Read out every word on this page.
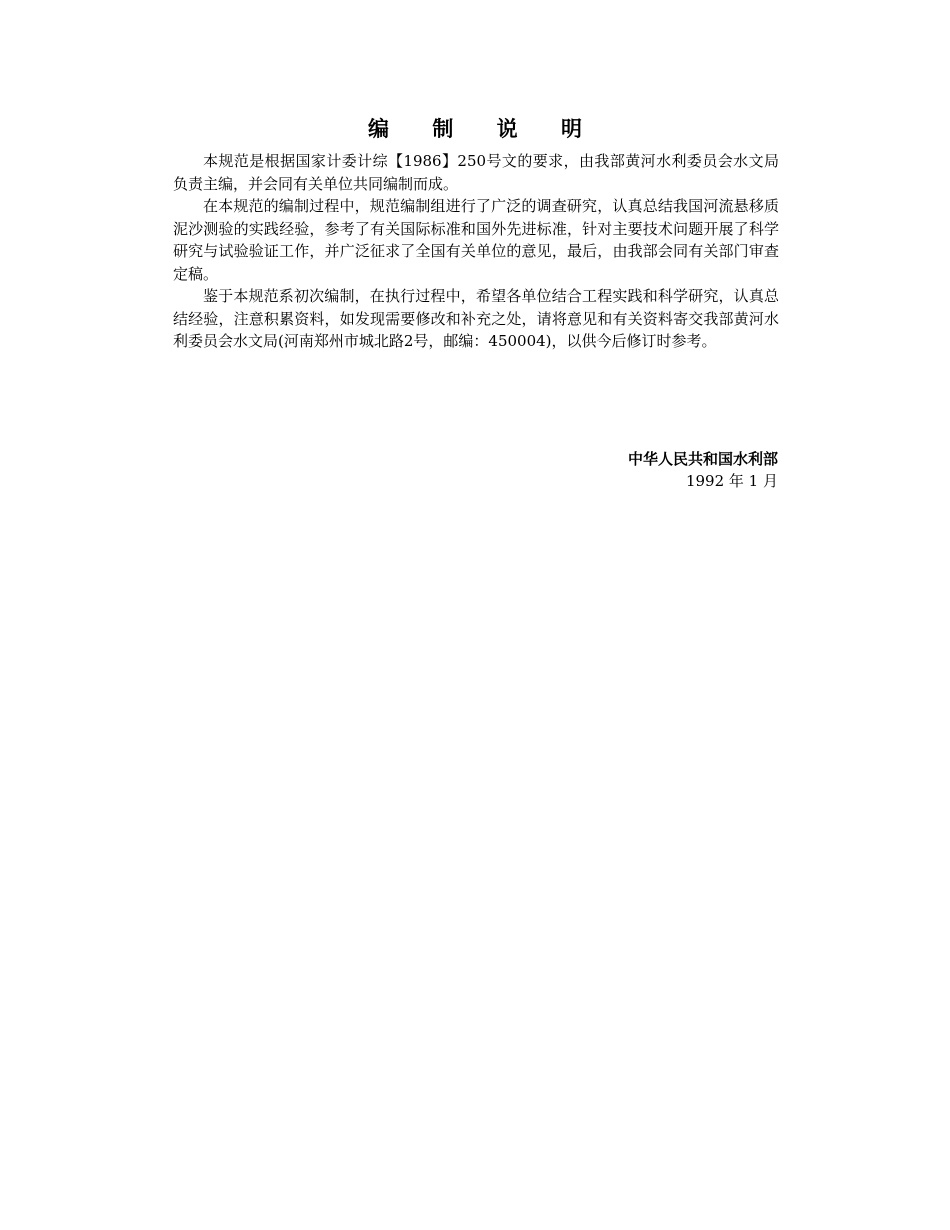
编 制 说 明

本规范是根据国家计委计综【1986】250号文的要求，由我部黄河水利委员会水文局负责主编，并会同有关单位共同编制而成。

在本规范的编制过程中，规范编制组进行了广泛的调查研究，认真总结我国河流悬移质泥沙测验的实践经验，参考了有关国际标准和国外先进标准，针对主要技术问题开展了科学研究与试验验证工作，并广泛征求了全国有关单位的意见，最后，由我部会同有关部门审查定稿。

鉴于本规范系初次编制，在执行过程中，希望各单位结合工程实践和科学研究，认真总结经验，注意积累资料，如发现需要修改和补充之处，请将意见和有关资料寄交我部黄河水利委员会水文局(河南郑州市城北路2号，邮编：450004)，以供今后修订时参考。

中华人民共和国水利部
1992 年 1 月
